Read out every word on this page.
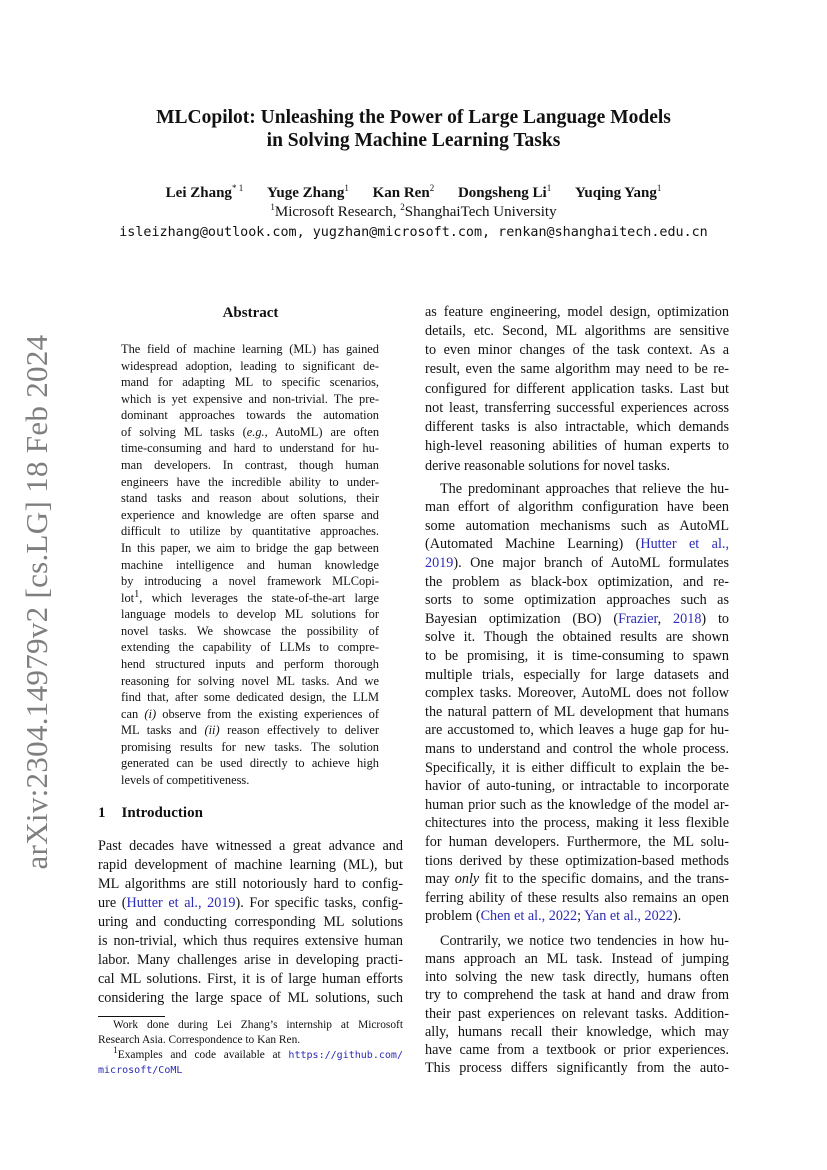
arXiv:2304.14979v2 [cs.LG] 18 Feb 2024
MLCopilot: Unleashing the Power of Large Language Models
in Solving Machine Learning Tasks
Lei Zhang$^{* 1}$ Yuge Zhang$^1$ Kan Ren$^2$ Dongsheng Li$^1$ Yuqing Yang$^1$
$^1$Microsoft Research, $^2$ShanghaiTech University
isleizhang@outlook.com, yugzhan@microsoft.com, renkan@shanghaitech.edu.cn
Abstract
The field of machine learning (ML) has gained
widespread adoption, leading to significant de-
mand for adapting ML to specific scenarios,
which is yet expensive and non-trivial. The pre-
dominant approaches towards the automation
of solving ML tasks (e.g., AutoML) are often
time-consuming and hard to understand for hu-
man developers. In contrast, though human
engineers have the incredible ability to under-
stand tasks and reason about solutions, their
experience and knowledge are often sparse and
difficult to utilize by quantitative approaches.
In this paper, we aim to bridge the gap between
machine intelligence and human knowledge
by introducing a novel framework MLCopi-
lot$^1$, which leverages the state-of-the-art large
language models to develop ML solutions for
novel tasks. We showcase the possibility of
extending the capability of LLMs to compre-
hend structured inputs and perform thorough
reasoning for solving novel ML tasks. And we
find that, after some dedicated design, the LLM
can (i) observe from the existing experiences of
ML tasks and (ii) reason effectively to deliver
promising results for new tasks. The solution
generated can be used directly to achieve high
levels of competitiveness.
1 Introduction
Past decades have witnessed a great advance and
rapid development of machine learning (ML), but
ML algorithms are still notoriously hard to config-
ure (Hutter et al., 2019). For specific tasks, config-
uring and conducting corresponding ML solutions
is non-trivial, which thus requires extensive human
labor. Many challenges arise in developing practi-
cal ML solutions. First, it is of large human efforts
considering the large space of ML solutions, such
as feature engineering, model design, optimization
details, etc. Second, ML algorithms are sensitive
to even minor changes of the task context. As a
result, even the same algorithm may need to be re-
configured for different application tasks. Last but
not least, transferring successful experiences across
different tasks is also intractable, which demands
high-level reasoning abilities of human experts to
derive reasonable solutions for novel tasks.
The predominant approaches that relieve the hu-
man effort of algorithm configuration have been
some automation mechanisms such as AutoML
(Automated Machine Learning) (Hutter et al.,
2019). One major branch of AutoML formulates
the problem as black-box optimization, and re-
sorts to some optimization approaches such as
Bayesian optimization (BO) (Frazier, 2018) to
solve it. Though the obtained results are shown
to be promising, it is time-consuming to spawn
multiple trials, especially for large datasets and
complex tasks. Moreover, AutoML does not follow
the natural pattern of ML development that humans
are accustomed to, which leaves a huge gap for hu-
mans to understand and control the whole process.
Specifically, it is either difficult to explain the be-
havior of auto-tuning, or intractable to incorporate
human prior such as the knowledge of the model ar-
chitectures into the process, making it less flexible
for human developers. Furthermore, the ML solu-
tions derived by these optimization-based methods
may only fit to the specific domains, and the trans-
ferring ability of these results also remains an open
problem (Chen et al., 2022; Yan et al., 2022).
Contrarily, we notice two tendencies in how hu-
mans approach an ML task. Instead of jumping
into solving the new task directly, humans often
try to comprehend the task at hand and draw from
their past experiences on relevant tasks. Addition-
ally, humans recall their knowledge, which may
have came from a textbook or prior experiences.
This process differs significantly from the auto-
Work done during Lei Zhang’s internship at Microsoft
Research Asia. Correspondence to Kan Ren.
$^1$Examples and code available at https://github.com/
microsoft/CoML
